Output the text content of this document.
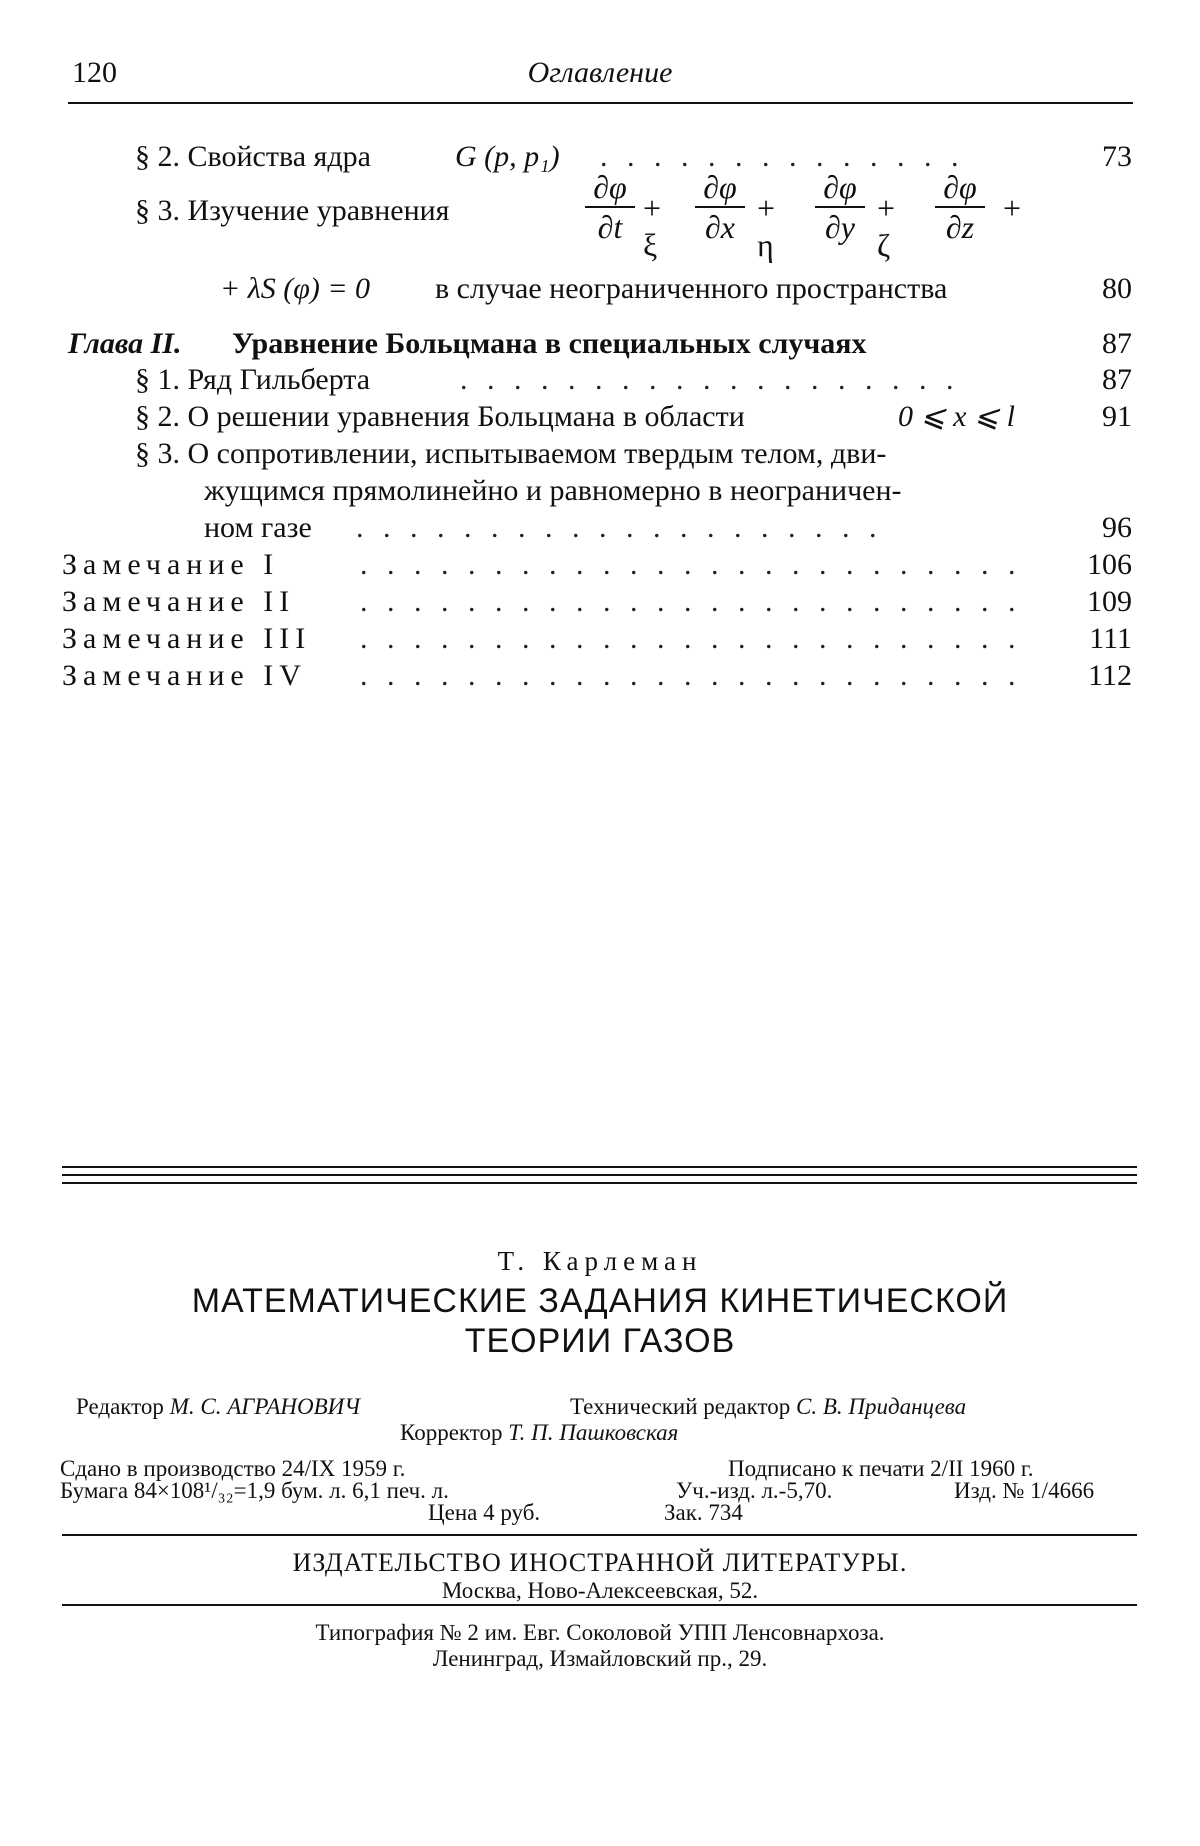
120	Оглавление
§ 2. Свойства ядра	G (p, p₁) . . . . . . . . . . . . . .	73
§ 3. Изучение уравнения
∂φ
∂t
+ ξ
∂φ
∂x
+ η
∂φ
∂y
+ ζ
∂φ
∂z
+
+ λS (φ) = 0 в случае неограниченного пространства	80
Глава II. Уравнение Больцмана в специальных случаях	87
§ 1. Ряд Гильберта	. . . . . . . . . . . . . . . . . . .	87
§ 2. О решении уравнения Больцмана в области	0 ⩽ x ⩽ l	91
§ 3. О сопротивлении, испытываемом твердым телом, дви-
жущимся прямолинейно и равномерно в неограничен-
ном газе . . . . . . . . . . . . . . . . . . . .	96
Замечание I	. . . . . . . . . . . . . . . . . . . . . . . . .	106
Замечание II . . . . . . . . . . . . . . . . . . . . . . . . .	109
Замечание III . . . . . . . . . . . . . . . . . . . . . . . . .	111
Замечание IV . . . . . . . . . . . . . . . . . . . . . . . . .	112
Т. Карлеман
МАТЕМАТИЧЕСКИЕ ЗАДАНИЯ КИНЕТИЧЕСКОЙ
ТЕОРИИ ГАЗОВ
Редактор М. С. АГРАНОВИЧ	Технический редактор С. В. Приданцева
Корректор Т. П. Пашковская
Сдано в производство 24/IX 1959 г.	Подписано к печати 2/II 1960 г.
Бумага 84×108¹/₃₂=1,9 бум. л. 6,1 печ. л.	Уч.-изд. л.-5,70.	Изд. № 1/4666
Цена 4 руб.	Зак. 734
ИЗДАТЕЛЬСТВО ИНОСТРАННОЙ ЛИТЕРАТУРЫ.
Москва, Ново-Алексеевская, 52.
Типография № 2 им. Евг. Соколовой УПП Ленсовнархоза.
Ленинград, Измайловский пр., 29.
